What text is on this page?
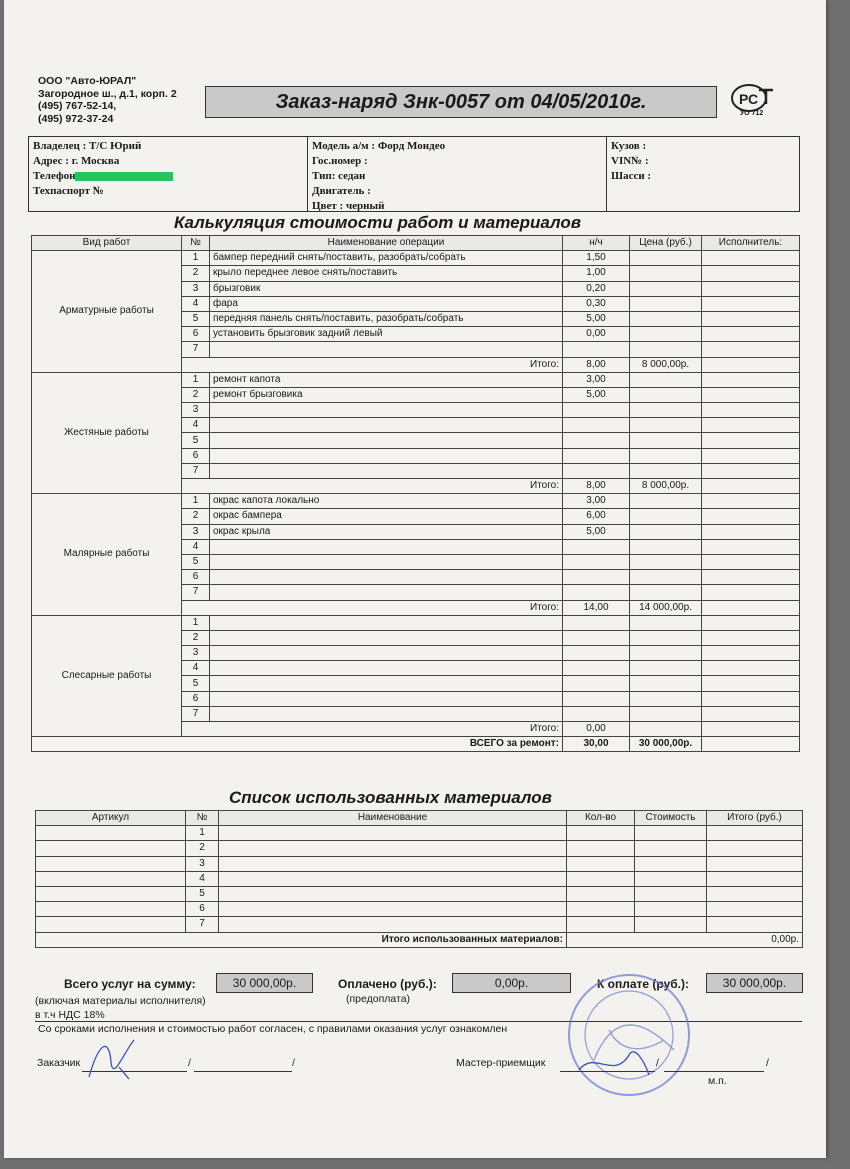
ООО "Авто-ЮРАЛ"
Загородное ш., д.1, корп. 2
(495) 767-52-14,
(495) 972-37-24
Заказ-наряд Знк-0057 от 04/05/2010г.	РС
УО 712
Владелец : Т/С Юрий
Адрес : г. Москва
Телефон
Техпаспорт №
Модель а/м : Форд Мондео
Гос.номер :
Тип: седан
Двигатель :
Цвет : черный
Кузов :
VIN№ :
Шасси :
Калькуляция стоимости работ и материалов
Вид работ	№	Наименование операции	н/ч	Цена (руб.)	Исполнитель:
Арматурные работы	1	бампер передний снять/поставить, разобрать/собрать	1,50		
	2	крыло переднее левое снять/поставить	1,00		
	3	брызговик	0,20		
	4	фара	0,30		
	5	передняя панель снять/поставить, разобрать/собрать	5,00		
	6	установить брызговик задний левый	0,00		
	7				
	Итого:		8,00	8 000,00р.	
Жестяные работы	1	ремонт капота	3,00		
	2	ремонт брызговика	5,00		
	3				
	4				
	5				
	6				
	7				
	Итого:		8,00	8 000,00р.	
Малярные работы	1	окрас капота локально	3,00		
	2	окрас бампера	6,00		
	3	окрас крыла	5,00		
	4				
	5				
	6				
	7				
	Итого:		14,00	14 000,00р.	
Слесарные работы	1				
	2				
	3				
	4				
	5				
	6				
	7				
	Итого:		0,00		
ВСЕГО за ремонт:			30,00	30 000,00р.	
Список использованных материалов
Артикул	№	Наименование	Кол-во	Стоимость	Итого (руб.)
	1				
	2				
	3				
	4				
	5				
	6				
	7				
Итого использованных материалов:			0,00р.		
Всего услуг на сумму:	30 000,00р.
(включая материалы исполнителя)
в т.ч НДС 18%
Оплачено (руб.):	0,00р.
(предоплата)
К оплате (руб.):	30 000,00р.
Со сроками исполнения и стоимостью работ согласен, с правилами оказания услуг ознакомлен
Заказчик	/	/	Мастер-приемщик	/	/
м.п.
